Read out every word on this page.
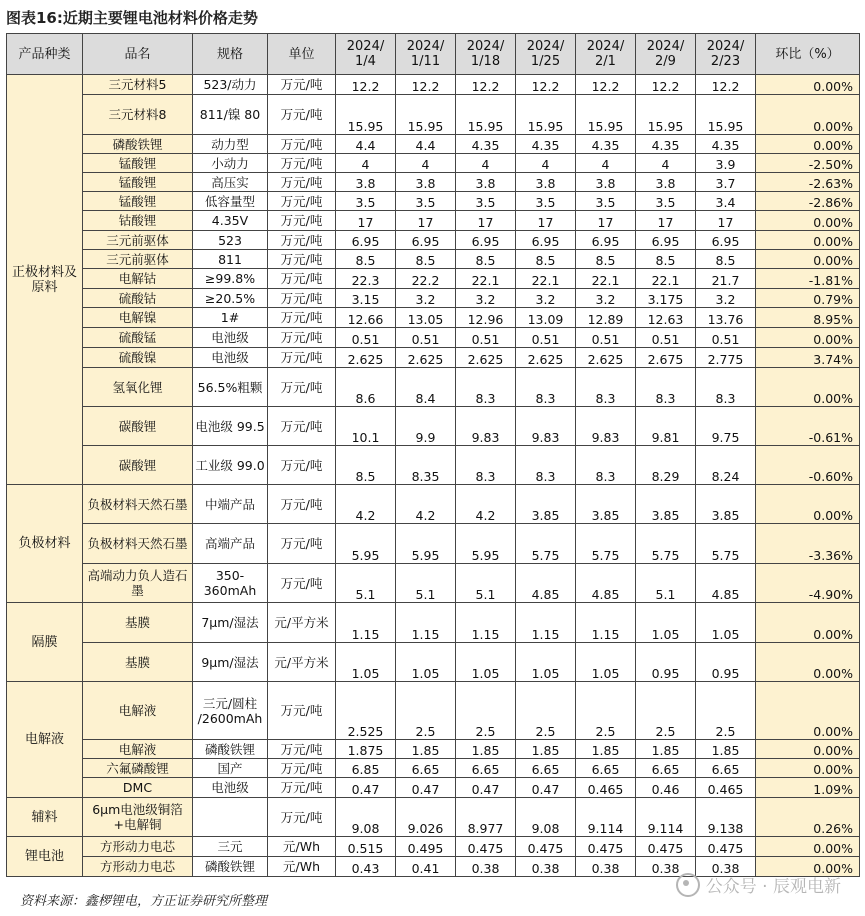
图表16:近期主要锂电池材料价格走势
产品种类	品名	规格	单位	2024/ 1/4	2024/ 1/11	2024/ 1/18	2024/ 1/25	2024/ 2/1	2024/ 2/9	2024/ 2/23	环比（%）
正极材料及原料	三元材料5	523/动力	万元/吨	12.2	12.2	12.2	12.2	12.2	12.2	12.2	0.00%
	三元材料8	811/镍 80	万元/吨	15.95	15.95	15.95	15.95	15.95	15.95	15.95	0.00%
	磷酸铁锂	动力型	万元/吨	4.4	4.4	4.35	4.35	4.35	4.35	4.35	0.00%
	锰酸锂	小动力	万元/吨	4	4	4	4	4	4	3.9	-2.50%
	锰酸锂	高压实	万元/吨	3.8	3.8	3.8	3.8	3.8	3.8	3.7	-2.63%
	锰酸锂	低容量型	万元/吨	3.5	3.5	3.5	3.5	3.5	3.5	3.4	-2.86%
	钴酸锂	4.35V	万元/吨	17	17	17	17	17	17	17	0.00%
	三元前驱体	523	万元/吨	6.95	6.95	6.95	6.95	6.95	6.95	6.95	0.00%
	三元前驱体	811	万元/吨	8.5	8.5	8.5	8.5	8.5	8.5	8.5	0.00%
	电解钴	≥99.8%	万元/吨	22.3	22.2	22.1	22.1	22.1	22.1	21.7	-1.81%
	硫酸钴	≥20.5%	万元/吨	3.15	3.2	3.2	3.2	3.2	3.175	3.2	0.79%
	电解镍	1#	万元/吨	12.66	13.05	12.96	13.09	12.89	12.63	13.76	8.95%
	硫酸锰	电池级	万元/吨	0.51	0.51	0.51	0.51	0.51	0.51	0.51	0.00%
	硫酸镍	电池级	万元/吨	2.625	2.625	2.625	2.625	2.625	2.675	2.775	3.74%
	氢氧化锂	56.5%粗颗	万元/吨	8.6	8.4	8.3	8.3	8.3	8.3	8.3	0.00%
	碳酸锂	电池级 99.5	万元/吨	10.1	9.9	9.83	9.83	9.83	9.81	9.75	-0.61%
	碳酸锂	工业级 99.0	万元/吨	8.5	8.35	8.3	8.3	8.3	8.29	8.24	-0.60%
负极材料	负极材料天然石墨	中端产品	万元/吨	4.2	4.2	4.2	3.85	3.85	3.85	3.85	0.00%
	负极材料天然石墨	高端产品	万元/吨	5.95	5.95	5.95	5.75	5.75	5.75	5.75	-3.36%
	高端动力负人造石墨	350-360mAh	万元/吨	5.1	5.1	5.1	4.85	4.85	5.1	4.85	-4.90%
隔膜	基膜	7μm/湿法	元/平方米	1.15	1.15	1.15	1.15	1.15	1.05	1.05	0.00%
	基膜	9μm/湿法	元/平方米	1.05	1.05	1.05	1.05	1.05	0.95	0.95	0.00%
电解液	电解液	三元/圆柱 /2600mAh	万元/吨	2.525	2.5	2.5	2.5	2.5	2.5	2.5	0.00%
	电解液	磷酸铁锂	万元/吨	1.875	1.85	1.85	1.85	1.85	1.85	1.85	0.00%
	六氟磷酸锂	国产	万元/吨	6.85	6.65	6.65	6.65	6.65	6.65	6.65	0.00%
	DMC	电池级	万元/吨	0.47	0.47	0.47	0.47	0.465	0.46	0.465	1.09%
辅料	6μm电池级铜箔+电解铜		万元/吨	9.08	9.026	8.977	9.08	9.114	9.114	9.138	0.26%
锂电池	方形动力电芯	三元	元/Wh	0.515	0.495	0.475	0.475	0.475	0.475	0.475	0.00%
	方形动力电芯	磷酸铁锂	元/Wh	0.43	0.41	0.38	0.38	0.38	0.38	0.38	0.00%
资料来源：鑫椤锂电，方正证券研究所整理
公众号 · 辰观电新
